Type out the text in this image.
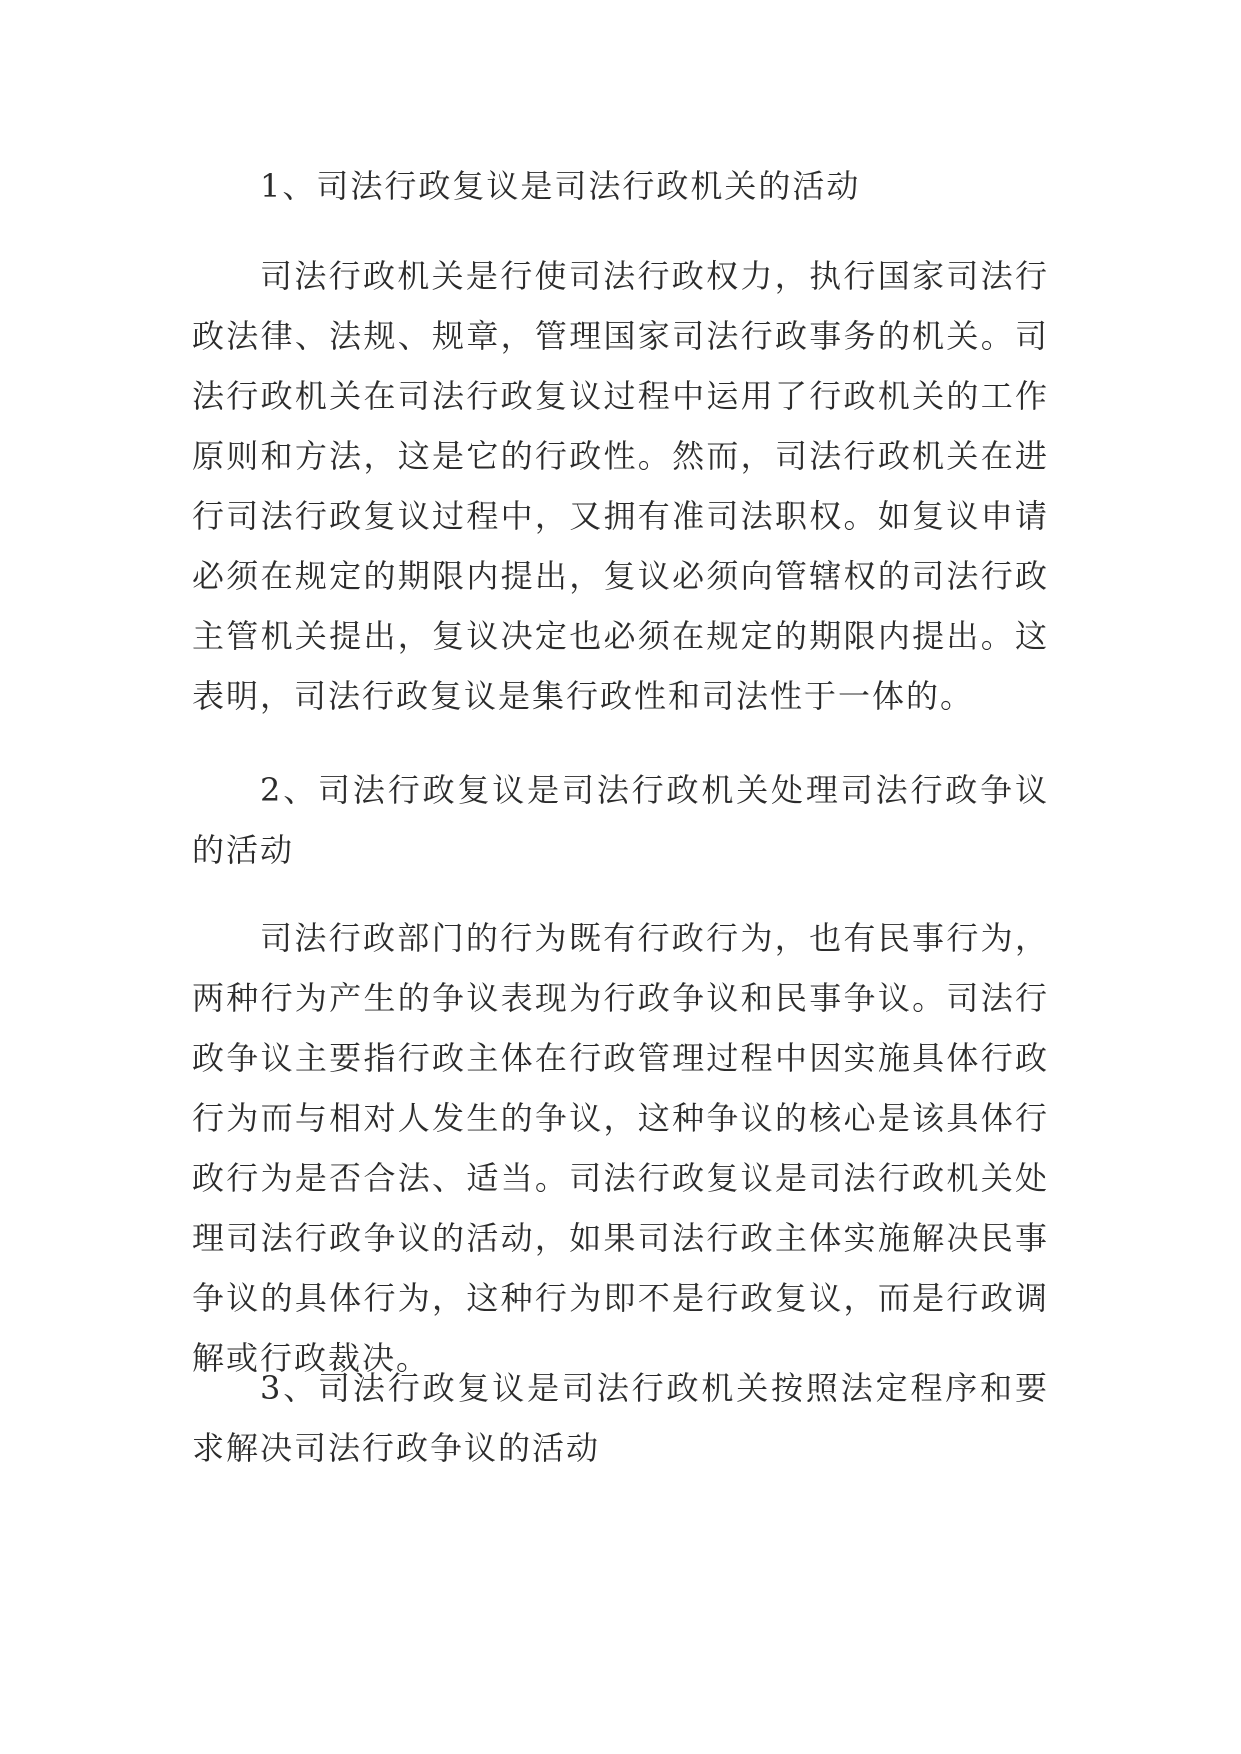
1、司法行政复议是司法行政机关的活动

司法行政机关是行使司法行政权力，执行国家司法行政法律、法规、规章，管理国家司法行政事务的机关。司法行政机关在司法行政复议过程中运用了行政机关的工作原则和方法，这是它的行政性。然而，司法行政机关在进行司法行政复议过程中，又拥有准司法职权。如复议申请必须在规定的期限内提出，复议必须向管辖权的司法行政主管机关提出，复议决定也必须在规定的期限内提出。这表明，司法行政复议是集行政性和司法性于一体的。

2、司法行政复议是司法行政机关处理司法行政争议的活动

司法行政部门的行为既有行政行为，也有民事行为，两种行为产生的争议表现为行政争议和民事争议。司法行政争议主要指行政主体在行政管理过程中因实施具体行政行为而与相对人发生的争议，这种争议的核心是该具体行政行为是否合法、适当。司法行政复议是司法行政机关处理司法行政争议的活动，如果司法行政主体实施解决民事争议的具体行为，这种行为即不是行政复议，而是行政调解或行政裁决。

3、司法行政复议是司法行政机关按照法定程序和要求解决司法行政争议的活动
